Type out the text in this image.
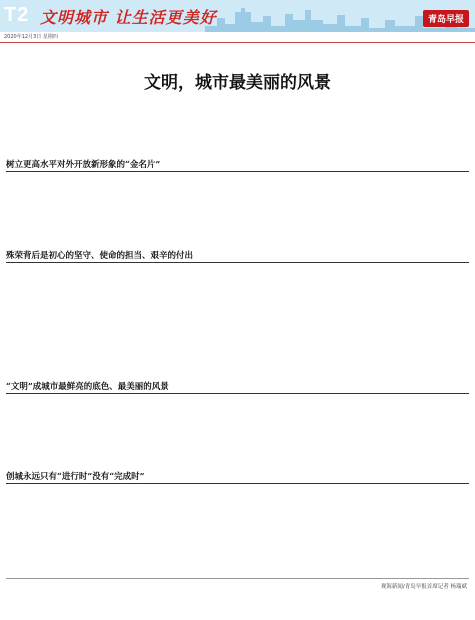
T2 文明城市 让生活更美好	青岛早报
2020年12月3日 星期四
文明，城市最美丽的风景
树立更高水平对外开放新形象的“金名片”
殊荣背后是初心的坚守、使命的担当、艰辛的付出
“文明”成城市最鲜亮的底色、最美丽的风景
创城永远只有“进行时”没有“完成时”
观海新闻/青岛早报首席记者 杨瑞斌
